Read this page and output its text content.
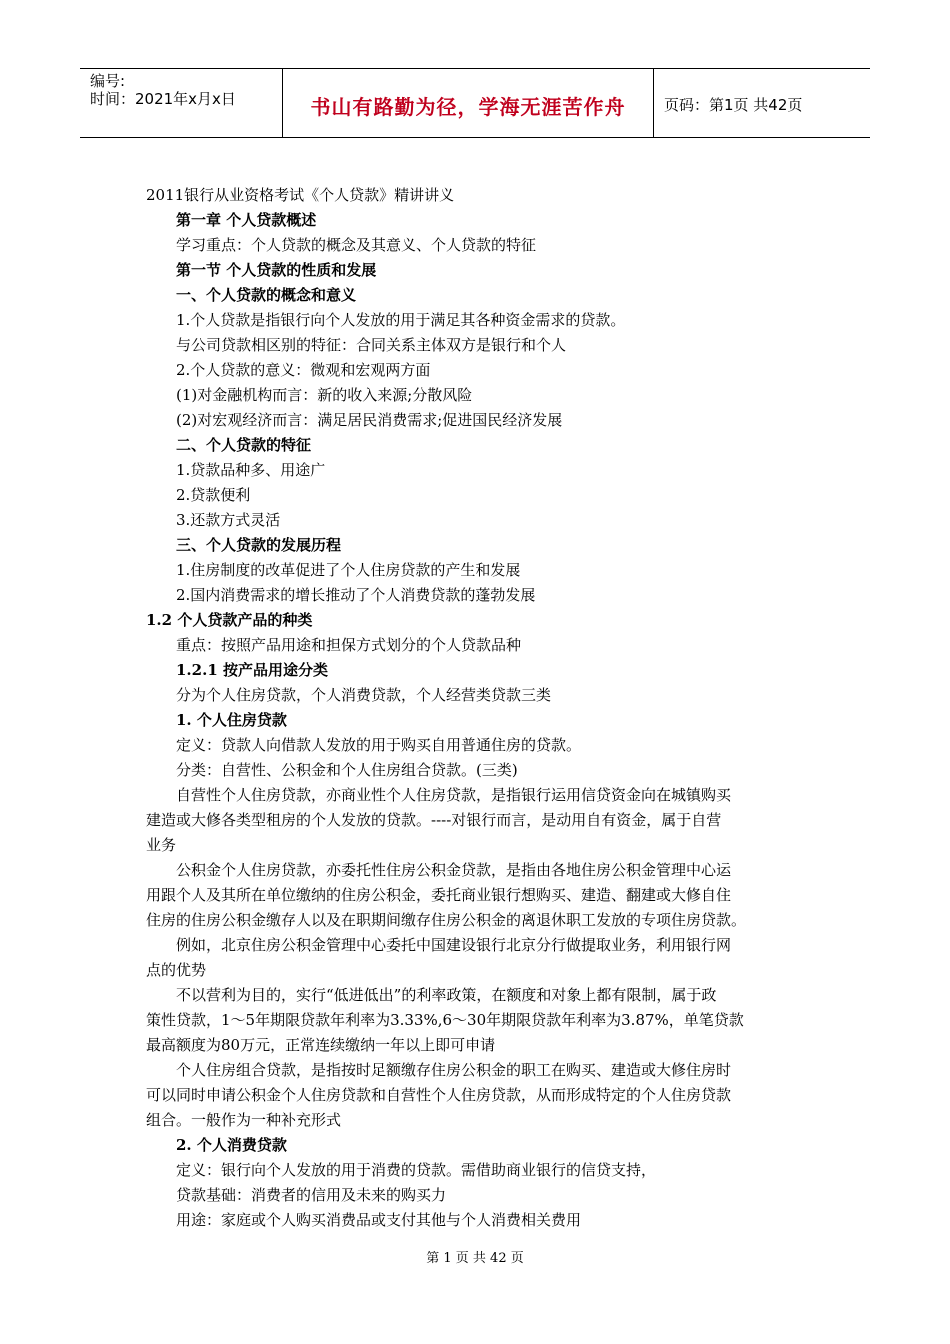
编号:
时间：2021年x月x日	书山有路勤为径，学海无涯苦作舟	页码：第1页 共42页
2011银行从业资格考试《个人贷款》精讲讲义
第一章 个人贷款概述
学习重点：个人贷款的概念及其意义、个人贷款的特征
第一节 个人贷款的性质和发展
一、个人贷款的概念和意义
1.个人贷款是指银行向个人发放的用于满足其各种资金需求的贷款。
与公司贷款相区别的特征：合同关系主体双方是银行和个人
2.个人贷款的意义：微观和宏观两方面
(1)对金融机构而言：新的收入来源;分散风险
(2)对宏观经济而言：满足居民消费需求;促进国民经济发展
二、个人贷款的特征
1.贷款品种多、用途广
2.贷款便利
3.还款方式灵活
三、个人贷款的发展历程
1.住房制度的改革促进了个人住房贷款的产生和发展
2.国内消费需求的增长推动了个人消费贷款的蓬勃发展
1.2 个人贷款产品的种类
重点：按照产品用途和担保方式划分的个人贷款品种
1.2.1 按产品用途分类
分为个人住房贷款，个人消费贷款，个人经营类贷款三类
1. 个人住房贷款
定义：贷款人向借款人发放的用于购买自用普通住房的贷款。
分类：自营性、公积金和个人住房组合贷款。(三类)
自营性个人住房贷款，亦商业性个人住房贷款，是指银行运用信贷资金向在城镇购买
建造或大修各类型租房的个人发放的贷款。----对银行而言，是动用自有资金，属于自营
业务
公积金个人住房贷款，亦委托性住房公积金贷款，是指由各地住房公积金管理中心运
用跟个人及其所在单位缴纳的住房公积金，委托商业银行想购买、建造、翻建或大修自住
住房的住房公积金缴存人以及在职期间缴存住房公积金的离退休职工发放的专项住房贷款。
例如，北京住房公积金管理中心委托中国建设银行北京分行做提取业务，利用银行网
点的优势
不以营利为目的，实行“低进低出”的利率政策，在额度和对象上都有限制，属于政
策性贷款，1～5年期限贷款年利率为3.33%,6～30年期限贷款年利率为3.87%，单笔贷款
最高额度为80万元，正常连续缴纳一年以上即可申请
个人住房组合贷款，是指按时足额缴存住房公积金的职工在购买、建造或大修住房时
可以同时申请公积金个人住房贷款和自营性个人住房贷款，从而形成特定的个人住房贷款
组合。一般作为一种补充形式
2. 个人消费贷款
定义：银行向个人发放的用于消费的贷款。需借助商业银行的信贷支持，
贷款基础：消费者的信用及未来的购买力
用途：家庭或个人购买消费品或支付其他与个人消费相关费用
第 1 页 共 42 页
